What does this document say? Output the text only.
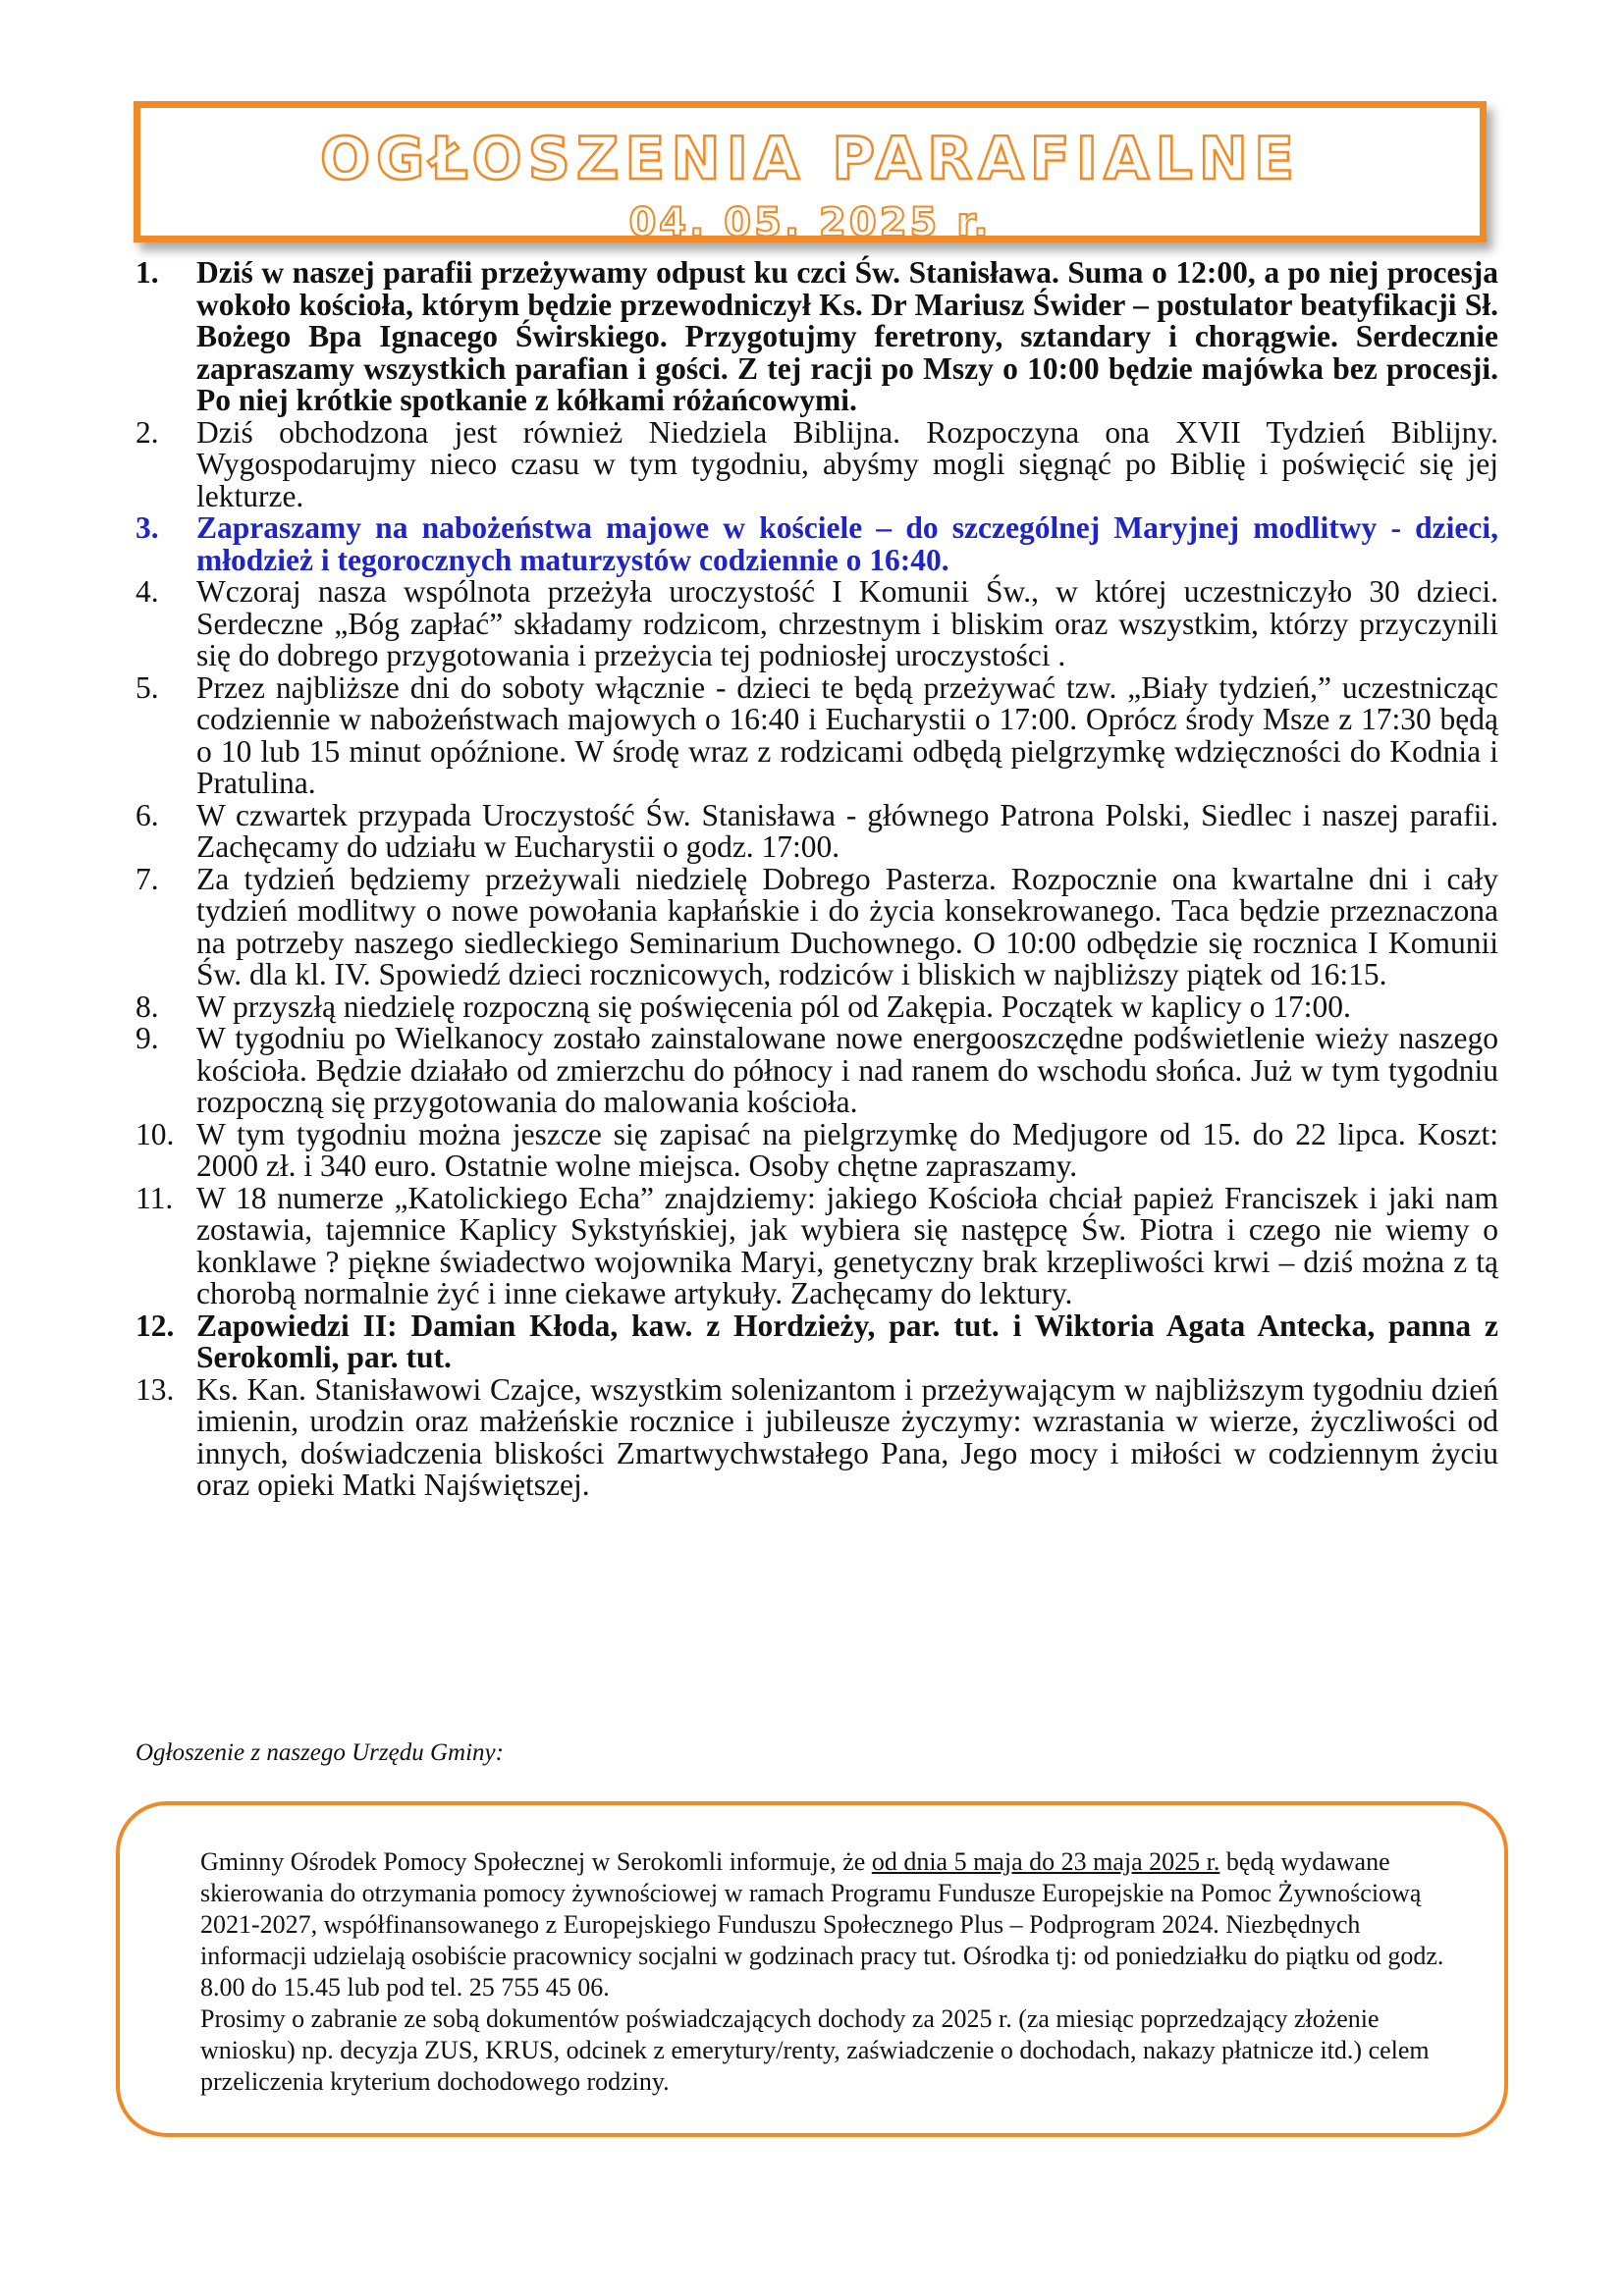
OGŁOSZENIA PARAFIALNE
04. 05. 2025 r.
1. Dziś w naszej parafii przeżywamy odpust ku czci Św. Stanisława. Suma o 12:00, a po niej procesja wokoło kościoła, którym będzie przewodniczył Ks. Dr Mariusz Świder – postulator beatyfikacji Sł. Bożego Bpa Ignacego Świrskiego. Przygotujmy feretrony, sztandary i chorągwie. Serdecznie zapraszamy wszystkich parafian i gości. Z tej racji po Mszy o 10:00 będzie majówka bez procesji. Po niej krótkie spotkanie z kółkami różańcowymi.
2. Dziś obchodzona jest również Niedziela Biblijna. Rozpoczyna ona XVII Tydzień Biblijny. Wygospodarujmy nieco czasu w tym tygodniu, abyśmy mogli sięgnąć po Biblię i poświęcić się jej lekturze.
3. Zapraszamy na nabożeństwa majowe w kościele – do szczególnej Maryjnej modlitwy - dzieci, młodzież i tegorocznych maturzystów codziennie o 16:40.
4. Wczoraj nasza wspólnota przeżyła uroczystość I Komunii Św., w której uczestniczyło 30 dzieci. Serdeczne „Bóg zapłać” składamy rodzicom, chrzestnym i bliskim oraz wszystkim, którzy przyczynili się do dobrego przygotowania i przeżycia tej podniosłej uroczystości .
5. Przez najbliższe dni do soboty włącznie - dzieci te będą przeżywać tzw. „Biały tydzień,” uczestnicząc codziennie w nabożeństwach majowych o 16:40 i Eucharystii o 17:00. Oprócz środy Msze z 17:30 będą o 10 lub 15 minut opóźnione. W środę wraz z rodzicami odbędą pielgrzymkę wdzięczności do Kodnia i Pratulina.
6. W czwartek przypada Uroczystość Św. Stanisława - głównego Patrona Polski, Siedlec i naszej parafii. Zachęcamy do udziału w Eucharystii o godz. 17:00.
7. Za tydzień będziemy przeżywali niedzielę Dobrego Pasterza. Rozpocznie ona kwartalne dni i cały tydzień modlitwy o nowe powołania kapłańskie i do życia konsekrowanego. Taca będzie przeznaczona na potrzeby naszego siedleckiego Seminarium Duchownego. O 10:00 odbędzie się rocznica I Komunii Św. dla kl. IV. Spowiedź dzieci rocznicowych, rodziców i bliskich w najbliższy piątek od 16:15.
8. W przyszłą niedzielę rozpoczną się poświęcenia pól od Zakępia. Początek w kaplicy o 17:00.
9. W tygodniu po Wielkanocy zostało zainstalowane nowe energooszczędne podświetlenie wieży naszego kościoła. Będzie działało od zmierzchu do północy i nad ranem do wschodu słońca. Już w tym tygodniu rozpoczną się przygotowania do malowania kościoła.
10. W tym tygodniu można jeszcze się zapisać na pielgrzymkę do Medjugore od 15. do 22 lipca. Koszt: 2000 zł. i 340 euro. Ostatnie wolne miejsca. Osoby chętne zapraszamy.
11. W 18 numerze „Katolickiego Echa” znajdziemy: jakiego Kościoła chciał papież Franciszek i jaki nam zostawia, tajemnice Kaplicy Sykstyńskiej, jak wybiera się następcę Św. Piotra i czego nie wiemy o konklawe ? piękne świadectwo wojownika Maryi, genetyczny brak krzepliwości krwi – dziś można z tą chorobą normalnie żyć i inne ciekawe artykuły. Zachęcamy do lektury.
12. Zapowiedzi II: Damian Kłoda, kaw. z Hordzieży, par. tut. i Wiktoria Agata Antecka, panna z Serokomli, par. tut.
13. Ks. Kan. Stanisławowi Czajce, wszystkim solenizantom i przeżywającym w najbliższym tygodniu dzień imienin, urodzin oraz małżeńskie rocznice i jubileusze życzymy: wzrastania w wierze, życzliwości od innych, doświadczenia bliskości Zmartwychwstałego Pana, Jego mocy i miłości w codziennym życiu oraz opieki Matki Najświętszej.
Ogłoszenie z naszego Urzędu Gminy:

Gminny Ośrodek Pomocy Społecznej w Serokomli informuje, że od dnia 5 maja do 23 maja 2025 r. będą wydawane skierowania do otrzymania pomocy żywnościowej w ramach Programu Fundusze Europejskie na Pomoc Żywnościową 2021-2027, współfinansowanego z Europejskiego Funduszu Społecznego Plus – Podprogram 2024. Niezbędnych informacji udzielają osobiście pracownicy socjalni w godzinach pracy tut. Ośrodka tj: od poniedziałku do piątku od godz. 8.00 do 15.45 lub pod tel. 25 755 45 06.

Prosimy o zabranie ze sobą dokumentów poświadczających dochody za 2025 r. (za miesiąc poprzedzający złożenie wniosku) np. decyzja ZUS, KRUS, odcinek z emerytury/renty, zaświadczenie o dochodach, nakazy płatnicze itd.) celem przeliczenia kryterium dochodowego rodziny.
